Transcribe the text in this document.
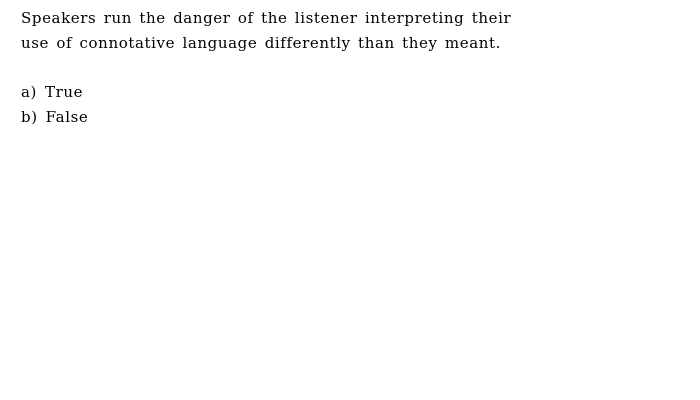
Speakers run the danger of the listener interpreting their
use of connotative language differently than they meant.
a) True
b) False
